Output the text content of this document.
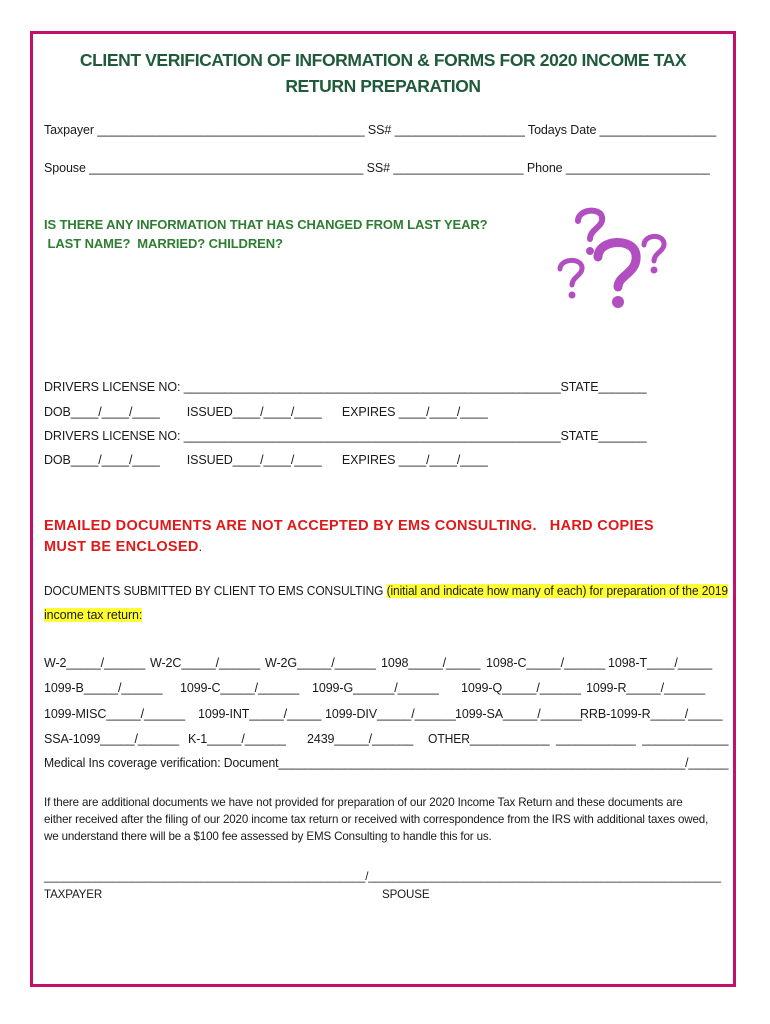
CLIENT VERIFICATION OF INFORMATION & FORMS FOR 2020 INCOME TAX
RETURN PREPARATION
Taxpayer _______________________________________ SS# ___________________ Todays Date _________________
Spouse ________________________________________ SS# ___________________ Phone _____________________
IS THERE ANY INFORMATION THAT HAS CHANGED FROM LAST YEAR?
LAST NAME?  MARRIED? CHILDREN?
DRIVERS LICENSE NO: _______________________________________________________STATE_______
DOB____/____/____        ISSUED____/____/____      EXPIRES ____/____/____
DRIVERS LICENSE NO: _______________________________________________________STATE_______
DOB____/____/____        ISSUED____/____/____      EXPIRES ____/____/____
EMAILED DOCUMENTS ARE NOT ACCEPTED BY EMS CONSULTING.   HARD COPIES
MUST BE ENCLOSED.
DOCUMENTS SUBMITTED BY CLIENT TO EMS CONSULTING (initial and indicate how many of each) for preparation of the 2019
income tax return:
W-2_____/______ W-2C_____/______ W-2G_____/______ 1098_____/_____ 1098-C_____/______ 1098-T____/_____
1099-B_____/______ 1099-C_____/______ 1099-G______/______ 1099-Q_____/______ 1099-R_____/______
1099-MISC_____/______ 1099-INT_____/_____ 1099-DIV_____/______ 1099-SA_____/______
RRB-1099-R_____/_____
SSA-1099_____/______ K-1_____/______ 2439_____/______ OTHER____________  ____________  _____________
Medical Ins coverage verification: Document_____________________________________________________________/______
If there are additional documents we have not provided for preparation of our 2020 Income Tax Return and these documents are
either received after the filing of our 2020 income tax return or received with correspondence from the IRS with additional taxes owed,
we understand there will be a $100 fee assessed by EMS Consulting to handle this for us.
___________________________________________________/________________________________________________________
TAXPAYER	SPOUSE
